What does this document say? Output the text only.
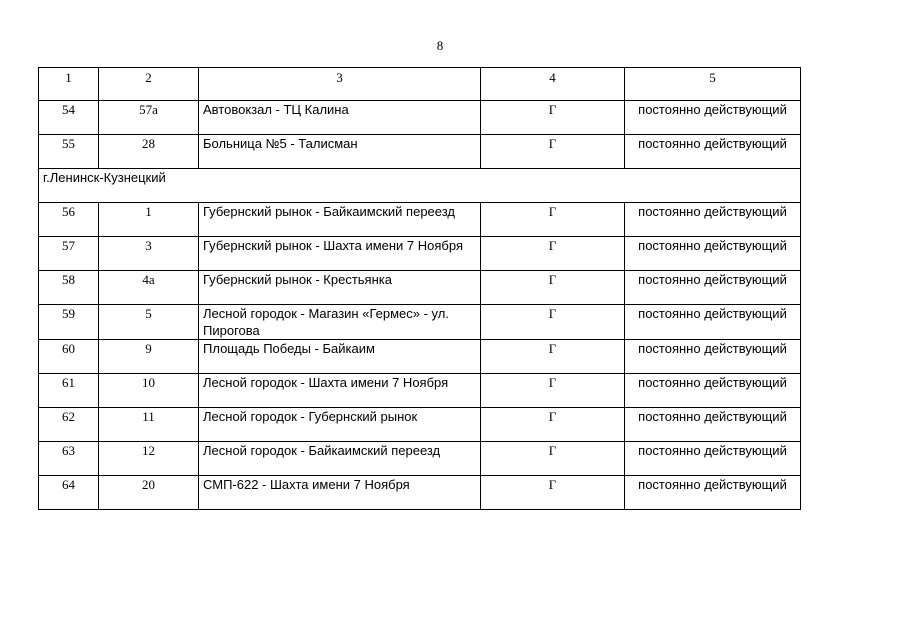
8
1	2	3	4	5
54	57а	Автовокзал - ТЦ Калина	Г	постоянно действующий
55	28	Больница №5 - Талисман	Г	постоянно действующий
г.Ленинск-Кузнецкий				
56	1	Губернский рынок - Байкаимский переезд	Г	постоянно действующий
57	3	Губернский рынок - Шахта имени 7 Ноября	Г	постоянно действующий
58	4а	Губернский рынок - Крестьянка	Г	постоянно действующий
59	5	Лесной городок - Магазин «Гермес» - ул. Пирогова	Г	постоянно действующий
60	9	Площадь Победы - Байкаим	Г	постоянно действующий
61	10	Лесной городок - Шахта имени 7 Ноября	Г	постоянно действующий
62	11	Лесной городок - Губернский рынок	Г	постоянно действующий
63	12	Лесной городок - Байкаимский переезд	Г	постоянно действующий
64	20	СМП-622 - Шахта имени 7 Ноября	Г	постоянно действующий
